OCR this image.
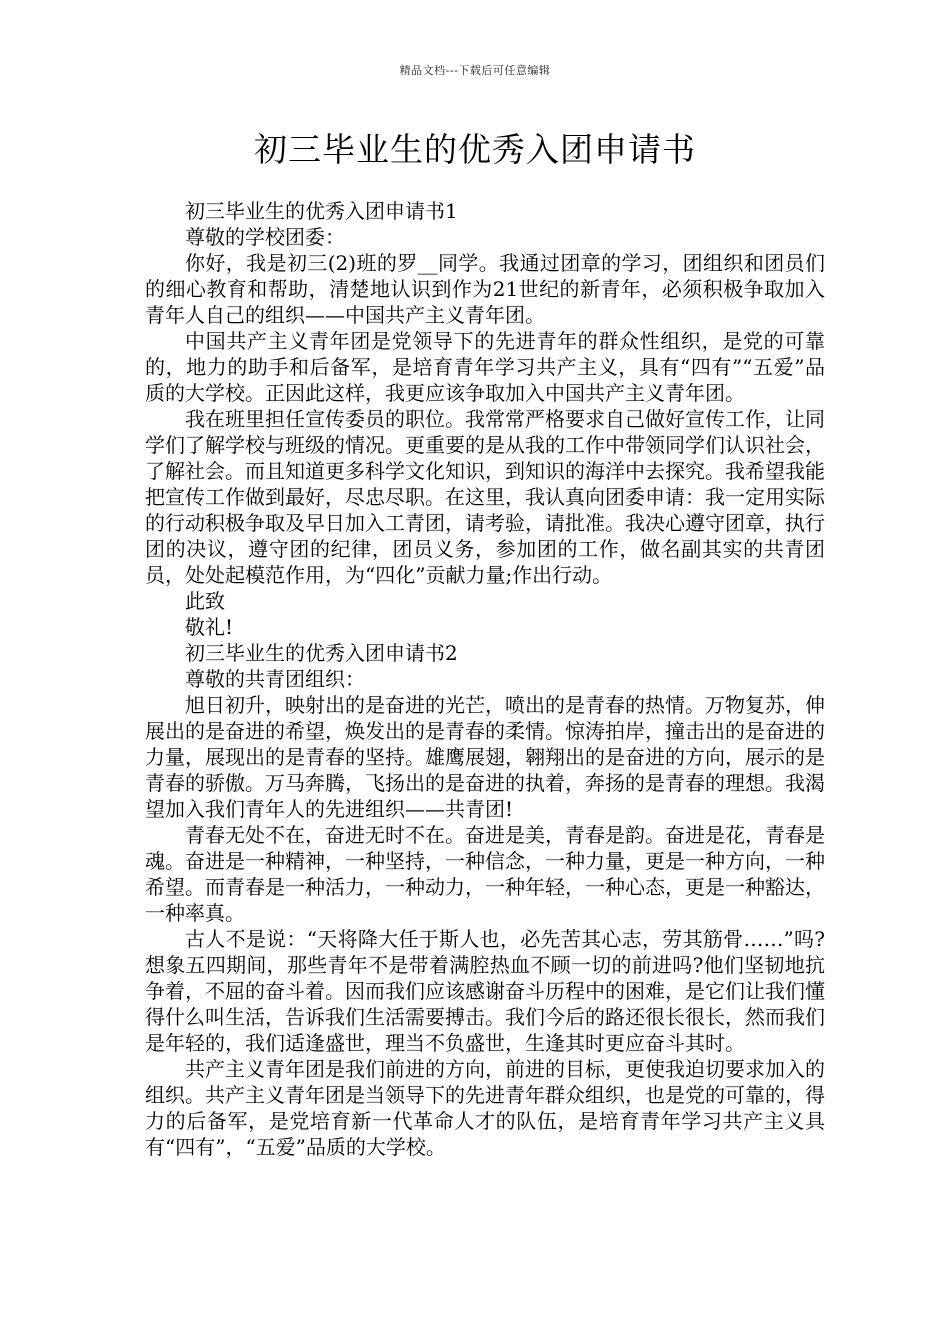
精品文档---下载后可任意编辑
初三毕业生的优秀入团申请书

初三毕业生的优秀入团申请书1

尊敬的学校团委：

你好，我是初三(2)班的罗__同学。我通过团章的学习，团组织和团员们的细心教育和帮助，清楚地认识到作为21世纪的新青年，必须积极争取加入青年人自己的组织——中国共产主义青年团。

中国共产主义青年团是党领导下的先进青年的群众性组织，是党的可靠的，地力的助手和后备军，是培育青年学习共产主义，具有“四有”“五爱”品质的大学校。正因此这样，我更应该争取加入中国共产主义青年团。

我在班里担任宣传委员的职位。我常常严格要求自己做好宣传工作，让同学们了解学校与班级的情况。更重要的是从我的工作中带领同学们认识社会，了解社会。而且知道更多科学文化知识，到知识的海洋中去探究。我希望我能把宣传工作做到最好，尽忠尽职。在这里，我认真向团委申请：我一定用实际的行动积极争取及早日加入工青团，请考验，请批准。我决心遵守团章，执行团的决议，遵守团的纪律，团员义务，参加团的工作，做名副其实的共青团员，处处起模范作用，为“四化”贡献力量;作出行动。

此致

敬礼!

初三毕业生的优秀入团申请书2

尊敬的共青团组织：

旭日初升，映射出的是奋进的光芒，喷出的是青春的热情。万物复苏，伸展出的是奋进的希望，焕发出的是青春的柔情。惊涛拍岸，撞击出的是奋进的力量，展现出的是青春的坚持。雄鹰展翅，翱翔出的是奋进的方向，展示的是青春的骄傲。万马奔腾，飞扬出的是奋进的执着，奔扬的是青春的理想。我渴望加入我们青年人的先进组织——共青团!

青春无处不在，奋进无时不在。奋进是美，青春是韵。奋进是花，青春是魂。奋进是一种精神，一种坚持，一种信念，一种力量，更是一种方向，一种希望。而青春是一种活力，一种动力，一种年轻，一种心态，更是一种豁达，一种率真。

古人不是说：“天将降大任于斯人也，必先苦其心志，劳其筋骨……”吗?想象五四期间，那些青年不是带着满腔热血不顾一切的前进吗?他们坚韧地抗争着，不屈的奋斗着。因而我们应该感谢奋斗历程中的困难，是它们让我们懂得什么叫生活，告诉我们生活需要搏击。我们今后的路还很长很长，然而我们是年轻的，我们适逢盛世，理当不负盛世，生逢其时更应奋斗其时。

共产主义青年团是我们前进的方向，前进的目标，更使我迫切要求加入的组织。共产主义青年团是当领导下的先进青年群众组织，也是党的可靠的，得力的后备军，是党培育新一代革命人才的队伍，是培育青年学习共产主义具有“四有”，“五爱”品质的大学校。
